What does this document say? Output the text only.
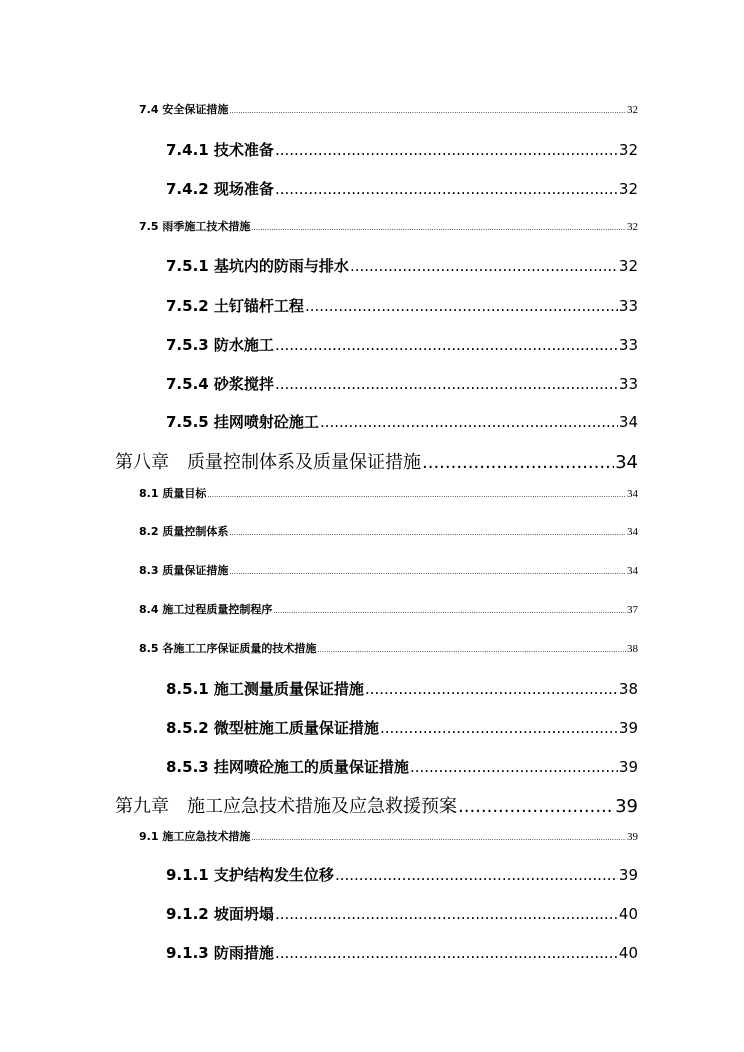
7.4 安全保证措施 .....	32
7.4.1 技术准备 .....	32
7.4.2 现场准备 .....	32
7.5 雨季施工技术措施 .....	32
7.5.1 基坑内的防雨与排水 .....	32
7.5.2 土钉锚杆工程 .....	33
7.5.3 防水施工 .....	33
7.5.4 砂浆搅拌 .....	33
7.5.5 挂网喷射砼施工 .....	34
第八章 质量控制体系及质量保证措施 .....	34
8.1 质量目标 .....	34
8.2 质量控制体系 .....	34
8.3 质量保证措施 .....	34
8.4 施工过程质量控制程序 .....	37
8.5 各施工工序保证质量的技术措施 .....	38
8.5.1 施工测量质量保证措施 .....	38
8.5.2 微型桩施工质量保证措施 .....	39
8.5.3 挂网喷砼施工的质量保证措施 .....	39
第九章 施工应急技术措施及应急救援预案 .....	39
9.1 施工应急技术措施 .....	39
9.1.1 支护结构发生位移 .....	39
9.1.2 坡面坍塌 .....	40
9.1.3 防雨措施 .....	40
